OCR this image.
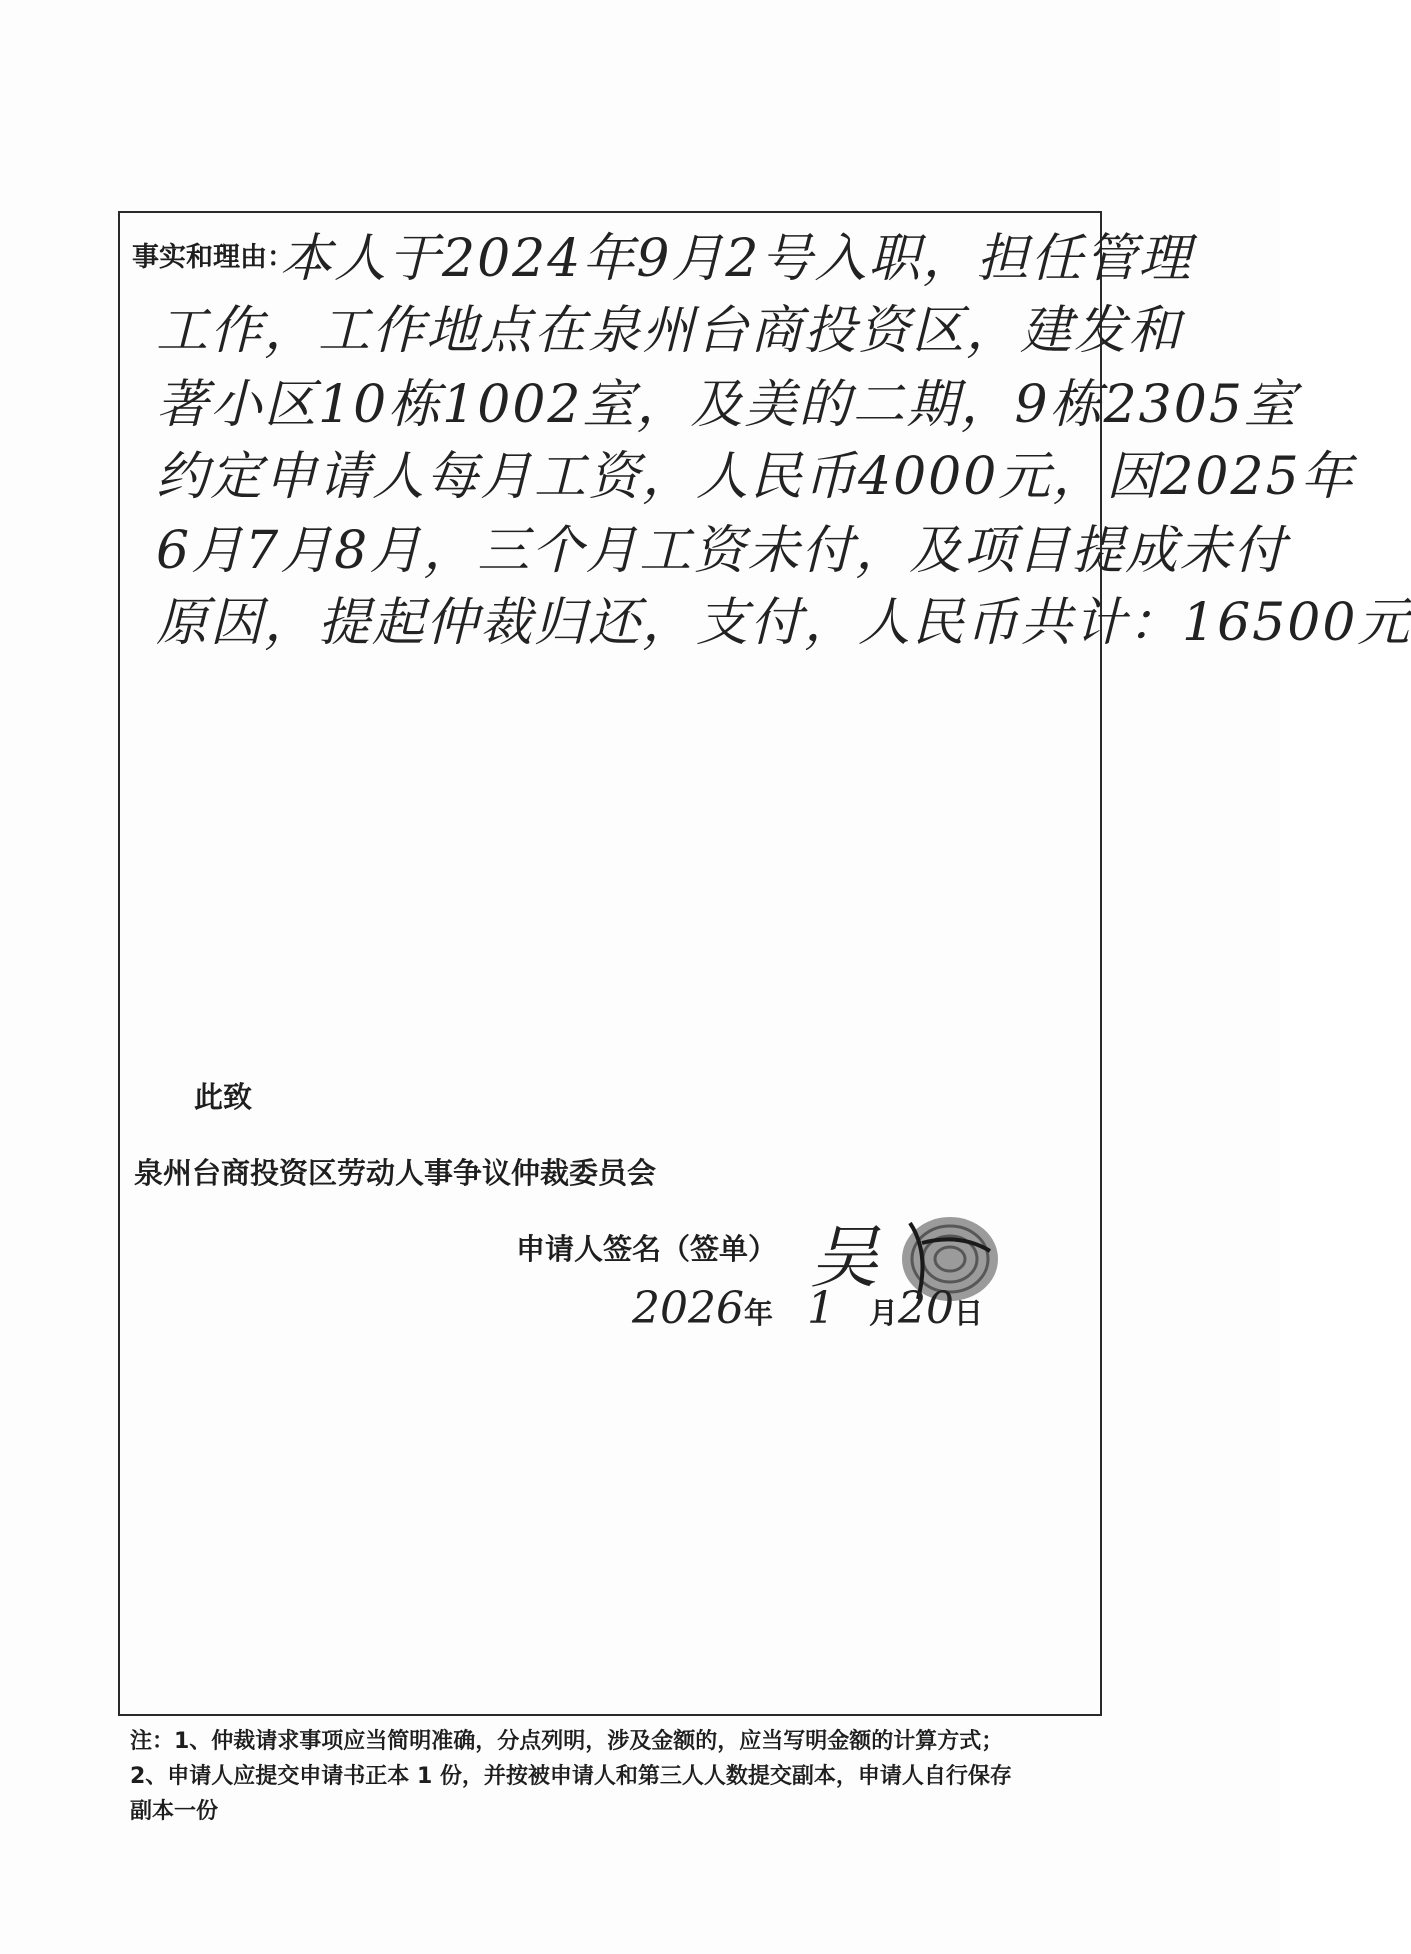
事实和理由：
本人于2024年9月2号入职，担任管理
工作，工作地点在泉州台商投资区，建发和
著小区10栋1002室，及美的二期，9栋2305室
约定申请人每月工资，人民币4000元，因2025年
6月7月8月，三个月工资未付，及项目提成未付
原因，提起仲裁归还，支付，人民币共计：16500元
此致
泉州台商投资区劳动人事争议仲裁委员会
申请人签名（签单） 吴
2026年 1 月20日
注：1、仲裁请求事项应当简明准确，分点列明，涉及金额的，应当写明金额的计算方式；
2、申请人应提交申请书正本 1 份，并按被申请人和第三人人数提交副本，申请人自行保存
副本一份
